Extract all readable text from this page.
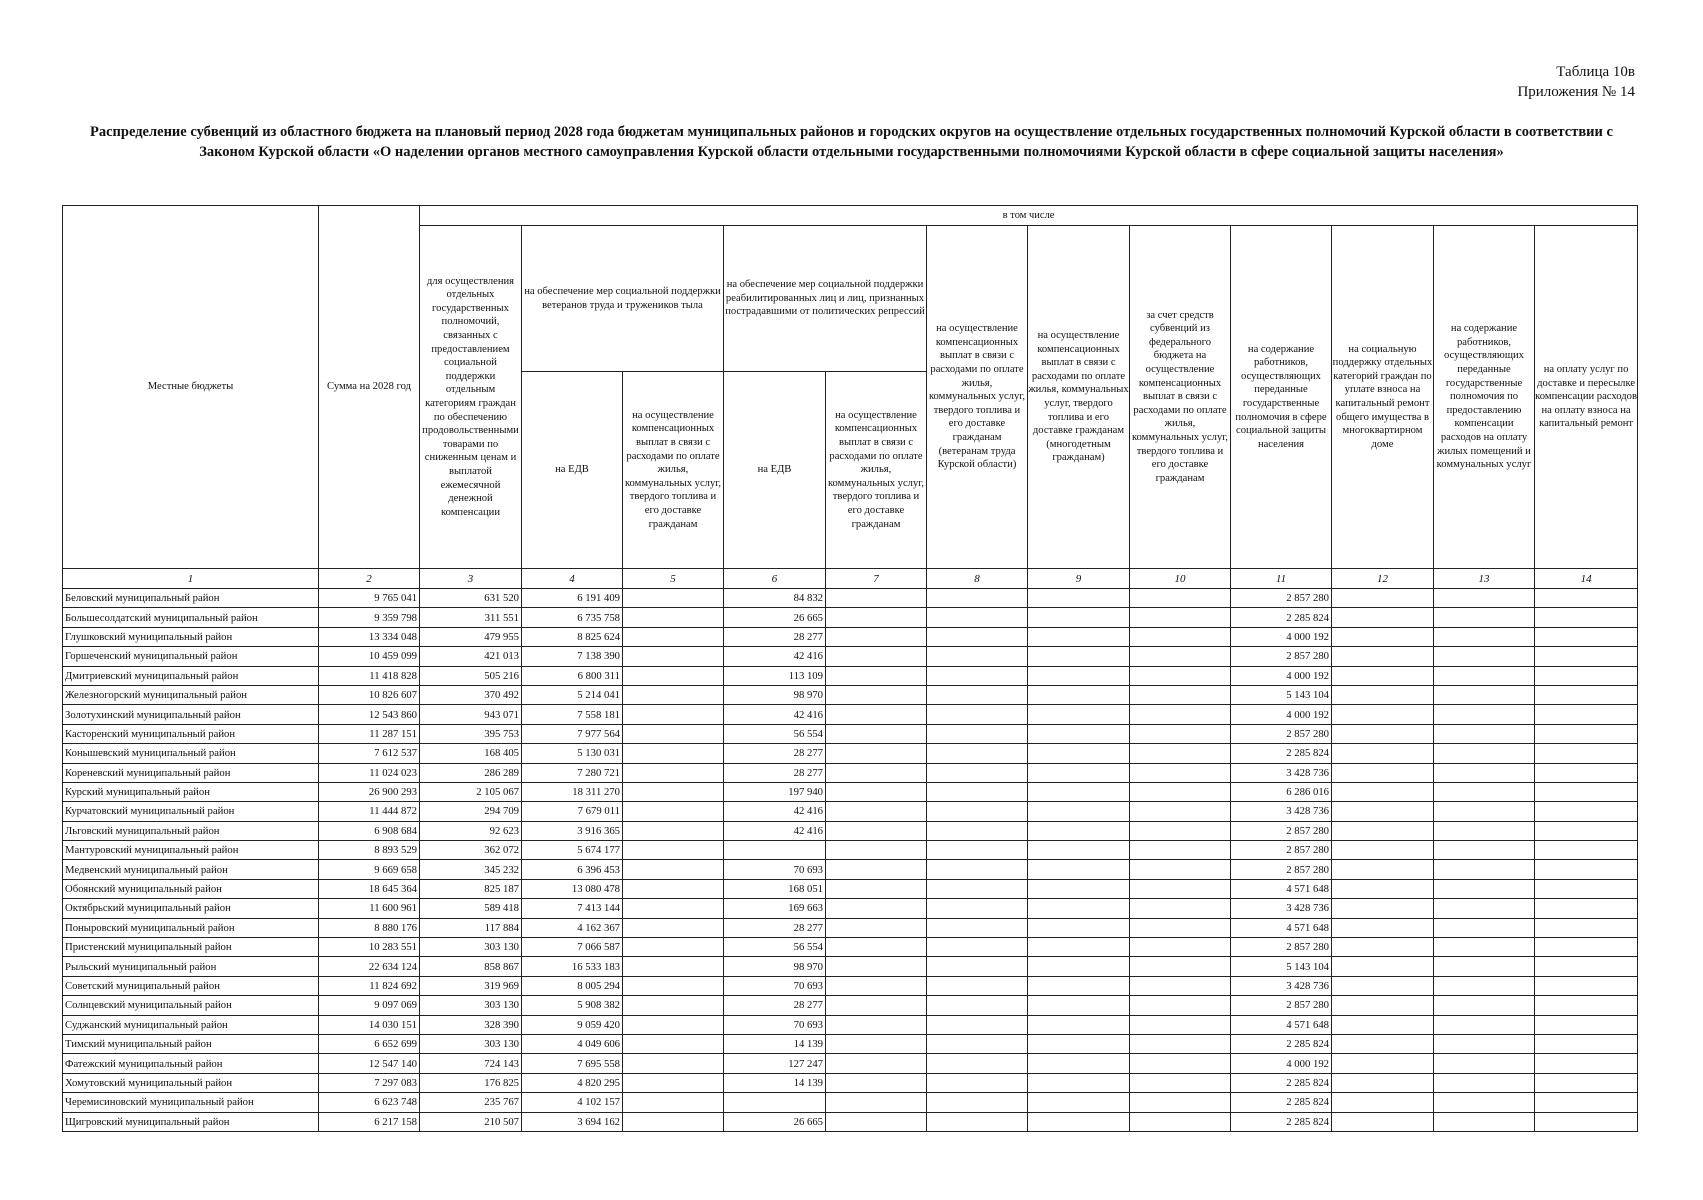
Таблица 10в
Приложения № 14
Распределение субвенций из областного бюджета на плановый период 2028 года бюджетам муниципальных районов и городских округов на осуществление отдельных государственных полномочий Курской области в соответствии с Законом Курской области «О наделении органов местного самоуправления Курской области отдельными государственными полномочиями Курской области в сфере социальной защиты населения»
Местные бюджеты	Сумма на 2028 год	в том числе											
		для осуществления отдельных государственных полномочий, связанных с предоставлением социальной поддержки отдельным категориям граждан по обеспечению продовольственными товарами по сниженным ценам и выплатой ежемесячной денежной компенсации	на обеспечение мер социальной поддержки ветеранов труда и тружеников тыла		на обеспечение мер социальной поддержки реабилитированных лиц и лиц, признанных пострадавшими от политических репрессий		на осуществление компенсационных выплат в связи с расходами по оплате жилья, коммунальных услуг, твердого топлива и его доставке гражданам (ветеранам труда Курской области)	на осуществление компенсационных выплат в связи с расходами по оплате жилья, коммунальных услуг, твердого топлива и его доставке гражданам (многодетным гражданам)	за счет средств субвенций из федерального бюджета на осуществление компенсационных выплат в связи с расходами по оплате жилья, коммунальных услуг, твердого топлива и его доставке гражданам	на содержание работников, осуществляющих переданные государственные полномочия в сфере социальной защиты населения	на социальную поддержку отдельных категорий граждан по уплате взноса на капитальный ремонт общего имущества в многоквартирном доме	на содержание работников, осуществляющих переданные государственные полномочия по предоставлению компенсации расходов на оплату жилых помещений и коммунальных услуг	на оплату услуг по доставке и пересылке компенсации расходов на оплату взноса на капитальный ремонт
			на ЕДВ	на осуществление компенсационных выплат в связи с расходами по оплате жилья, коммунальных услуг, твердого топлива и его доставке гражданам	на ЕДВ	на осуществление компенсационных выплат в связи с расходами по оплате жилья, коммунальных услуг, твердого топлива и его доставке гражданам							
1	2	3	4	5	6	7	8	9	10	11	12	13	14
Беловский муниципальный район	9 765 041	631 520	6 191 409		84 832					2 857 280			
Большесолдатский муниципальный район	9 359 798	311 551	6 735 758		26 665					2 285 824			
Глушковский муниципальный район	13 334 048	479 955	8 825 624		28 277					4 000 192			
Горшеченский муниципальный район	10 459 099	421 013	7 138 390		42 416					2 857 280			
Дмитриевский муниципальный район	11 418 828	505 216	6 800 311		113 109					4 000 192			
Железногорский муниципальный район	10 826 607	370 492	5 214 041		98 970					5 143 104			
Золотухинский муниципальный район	12 543 860	943 071	7 558 181		42 416					4 000 192			
Касторенский муниципальный район	11 287 151	395 753	7 977 564		56 554					2 857 280			
Конышевский муниципальный район	7 612 537	168 405	5 130 031		28 277					2 285 824			
Кореневский муниципальный район	11 024 023	286 289	7 280 721		28 277					3 428 736			
Курский муниципальный район	26 900 293	2 105 067	18 311 270		197 940					6 286 016			
Курчатовский муниципальный район	11 444 872	294 709	7 679 011		42 416					3 428 736			
Льговский муниципальный район	6 908 684	92 623	3 916 365		42 416					2 857 280			
Мантуровский муниципальный район	8 893 529	362 072	5 674 177							2 857 280			
Медвенский муниципальный район	9 669 658	345 232	6 396 453		70 693					2 857 280			
Обоянский муниципальный район	18 645 364	825 187	13 080 478		168 051					4 571 648			
Октябрьский муниципальный район	11 600 961	589 418	7 413 144		169 663					3 428 736			
Поныровский муниципальный район	8 880 176	117 884	4 162 367		28 277					4 571 648			
Пристенский муниципальный район	10 283 551	303 130	7 066 587		56 554					2 857 280			
Рыльский муниципальный район	22 634 124	858 867	16 533 183		98 970					5 143 104			
Советский муниципальный район	11 824 692	319 969	8 005 294		70 693					3 428 736			
Солнцевский муниципальный район	9 097 069	303 130	5 908 382		28 277					2 857 280			
Суджанский муниципальный район	14 030 151	328 390	9 059 420		70 693					4 571 648			
Тимский муниципальный район	6 652 699	303 130	4 049 606		14 139					2 285 824			
Фатежский муниципальный район	12 547 140	724 143	7 695 558		127 247					4 000 192			
Хомутовский муниципальный район	7 297 083	176 825	4 820 295		14 139					2 285 824			
Черемисиновский муниципальный район	6 623 748	235 767	4 102 157							2 285 824			
Щигровский муниципальный район	6 217 158	210 507	3 694 162		26 665					2 285 824			
